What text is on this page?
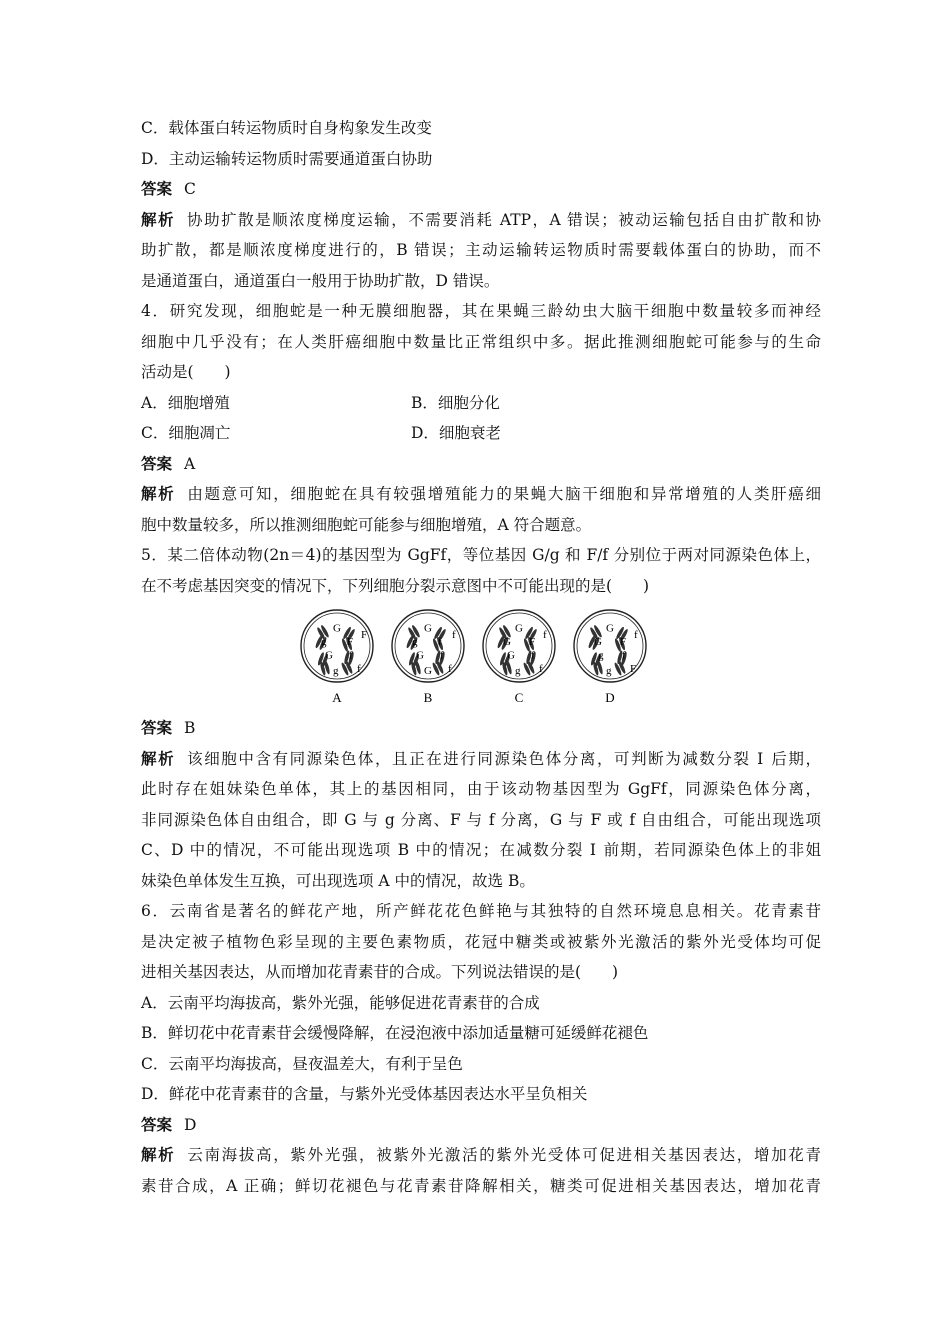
C．载体蛋白转运物质时自身构象发生改变
D．主动运输转运物质时需要通道蛋白协助
答案 C
解析 协助扩散是顺浓度梯度运输，不需要消耗 ATP，A 错误；被动运输包括自由扩散和协
助扩散，都是顺浓度梯度进行的，B 错误；主动运输转运物质时需要载体蛋白的协助，而不
是通道蛋白，通道蛋白一般用于协助扩散，D 错误。
4．研究发现，细胞蛇是一种无膜细胞器，其在果蝇三龄幼虫大脑干细胞中数量较多而神经
细胞中几乎没有；在人类肝癌细胞中数量比正常组织中多。据此推测细胞蛇可能参与的生命
活动是(　　)
A．细胞增殖	B．细胞分化
C．细胞凋亡	D．细胞衰老
答案 A
解析 由题意可知，细胞蛇在具有较强增殖能力的果蝇大脑干细胞和异常增殖的人类肝癌细
胞中数量较多，所以推测细胞蛇可能参与细胞增殖，A 符合题意。
5．某二倍体动物(2n＝4)的基因型为 GgFf，等位基因 G/g 和 F/f 分别位于两对同源染色体上，
在不考虑基因突变的情况下，下列细胞分裂示意图中不可能出现的是(　　)
G
g
G
g
F
F
f
f
A
G
g
G
G
f
f
f
f
B
G
G
G
g
f
F
f
f
C
G
G
g
g
f
F
f
F
D
答案 B
解析 该细胞中含有同源染色体，且正在进行同源染色体分离，可判断为减数分裂 Ⅰ 后期，
此时存在姐妹染色单体，其上的基因相同，由于该动物基因型为 GgFf，同源染色体分离，
非同源染色体自由组合，即 G 与 g 分离、F 与 f 分离，G 与 F 或 f 自由组合，可能出现选项
C、D 中的情况，不可能出现选项 B 中的情况；在减数分裂 Ⅰ 前期，若同源染色体上的非姐
妹染色单体发生互换，可出现选项 A 中的情况，故选 B。
6．云南省是著名的鲜花产地，所产鲜花花色鲜艳与其独特的自然环境息息相关。花青素苷
是决定被子植物色彩呈现的主要色素物质，花冠中糖类或被紫外光激活的紫外光受体均可促
进相关基因表达，从而增加花青素苷的合成。下列说法错误的是(　　)
A．云南平均海拔高，紫外光强，能够促进花青素苷的合成
B．鲜切花中花青素苷会缓慢降解，在浸泡液中添加适量糖可延缓鲜花褪色
C．云南平均海拔高，昼夜温差大，有利于呈色
D．鲜花中花青素苷的含量，与紫外光受体基因表达水平呈负相关
答案 D
解析 云南海拔高，紫外光强，被紫外光激活的紫外光受体可促进相关基因表达，增加花青
素苷合成，A 正确；鲜切花褪色与花青素苷降解相关，糖类可促进相关基因表达，增加花青
